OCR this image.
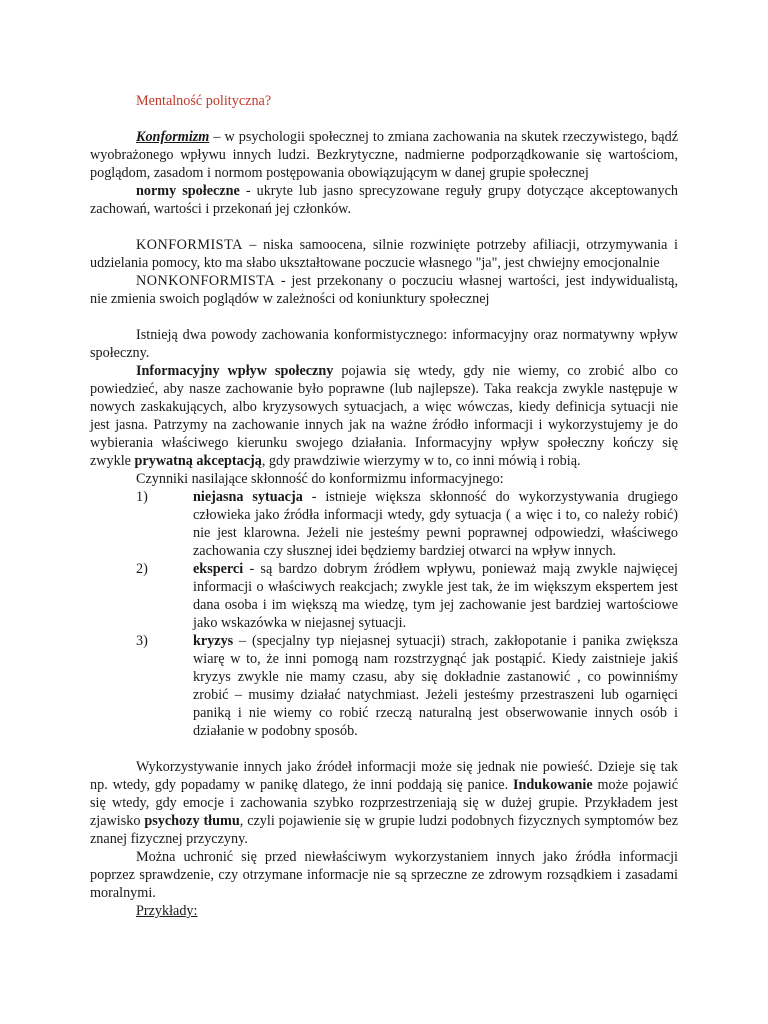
Mentalność polityczna?

Konformizm – w psychologii społecznej to zmiana zachowania na skutek rzeczywistego, bądź wyobrażonego wpływu innych ludzi. Bezkrytyczne, nadmierne podporządkowanie się wartościom, poglądom, zasadom i normom postępowania obowiązującym w danej grupie społecznej

normy społeczne - ukryte lub jasno sprecyzowane reguły grupy dotyczące akceptowanych zachowań, wartości i przekonań jej członków.

KONFORMISTA – niska samoocena, silnie rozwinięte potrzeby afiliacji, otrzymywania i udzielania pomocy, kto ma słabo ukształtowane poczucie własnego "ja", jest chwiejny emocjonalnie

NONKONFORMISTA - jest przekonany o poczuciu własnej wartości, jest indywidualistą, nie zmienia swoich poglądów w zależności od koniunktury społecznej

Istnieją dwa powody zachowania konformistycznego: informacyjny oraz normatywny wpływ społeczny.

Informacyjny wpływ społeczny pojawia się wtedy, gdy nie wiemy, co zrobić albo co powiedzieć, aby nasze zachowanie było poprawne (lub najlepsze). Taka reakcja zwykle następuje w nowych zaskakujących, albo kryzysowych sytuacjach, a więc wówczas, kiedy definicja sytuacji nie jest jasna. Patrzymy na zachowanie innych jak na ważne źródło informacji i wykorzystujemy je do wybierania właściwego kierunku swojego działania. Informacyjny wpływ społeczny kończy się zwykle prywatną akceptacją, gdy prawdziwie wierzymy w to, co inni mówią i robią.

Czynniki nasilające skłonność do konformizmu informacyjnego:

1)	niejasna sytuacja - istnieje większa skłonność do wykorzystywania drugiego człowieka jako źródła informacji wtedy, gdy sytuacja ( a więc i to, co należy robić) nie jest klarowna. Jeżeli nie jesteśmy pewni poprawnej odpowiedzi, właściwego zachowania czy słusznej idei będziemy bardziej otwarci na wpływ innych.
2)	eksperci - są bardzo dobrym źródłem wpływu, ponieważ mają zwykle najwięcej informacji o właściwych reakcjach; zwykle jest tak, że im większym ekspertem jest dana osoba i im większą ma wiedzę, tym jej zachowanie jest bardziej wartościowe jako wskazówka w niejasnej sytuacji.
3)	kryzys – (specjalny typ niejasnej sytuacji) strach, zakłopotanie i panika zwiększa wiarę w to, że inni pomogą nam rozstrzygnąć jak postąpić. Kiedy zaistnieje jakiś kryzys zwykle nie mamy czasu, aby się dokładnie zastanowić , co powinniśmy zrobić – musimy działać natychmiast. Jeżeli jesteśmy przestraszeni lub ogarnięci paniką i nie wiemy co robić rzeczą naturalną jest obserwowanie innych osób i działanie w podobny sposób.

Wykorzystywanie innych jako źródeł informacji może się jednak nie powieść. Dzieje się tak np. wtedy, gdy popadamy w panikę dlatego, że inni poddają się panice. Indukowanie może pojawić się wtedy, gdy emocje i zachowania szybko rozprzestrzeniają się w dużej grupie. Przykładem jest zjawisko psychozy tłumu, czyli pojawienie się w grupie ludzi podobnych fizycznych symptomów bez znanej fizycznej przyczyny.

Można uchronić się przed niewłaściwym wykorzystaniem innych jako źródła informacji poprzez sprawdzenie, czy otrzymane informacje nie są sprzeczne ze zdrowym rozsądkiem i zasadami moralnymi.

Przykłady:
